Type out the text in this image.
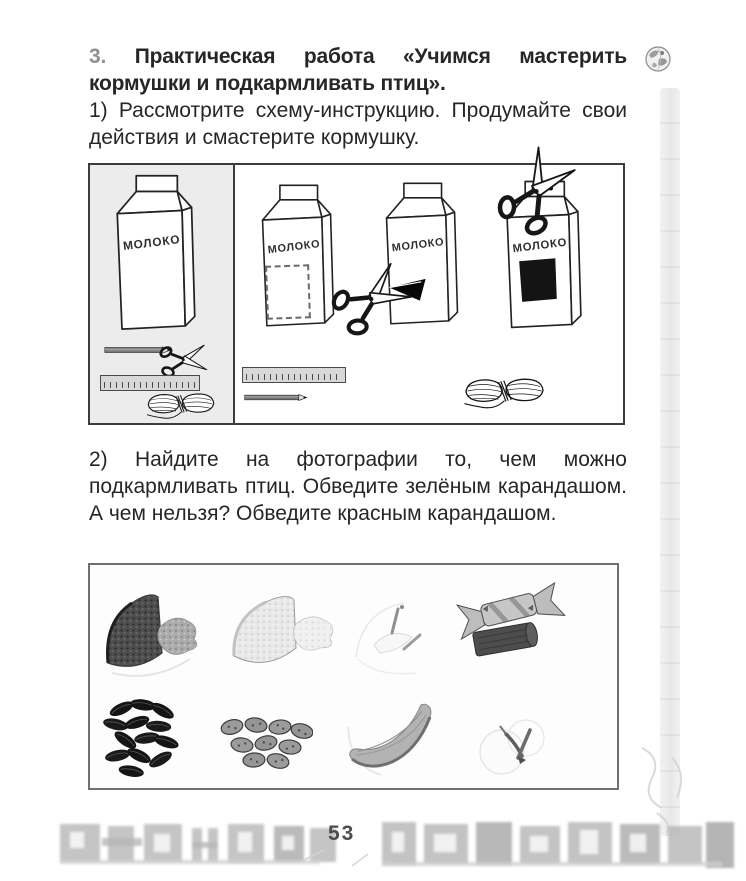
3. Практическая работа «Учимся мастерить кормушки и подкармливать птиц».

1) Рассмотрите схему-инструкцию. Продумайте свои действия и смастерите кормушку.

2) Найдите на фотографии то, чем можно подкармливать птиц. Обведите зелёным карандашом. А чем нельзя? Обведите красным карандашом.

53
